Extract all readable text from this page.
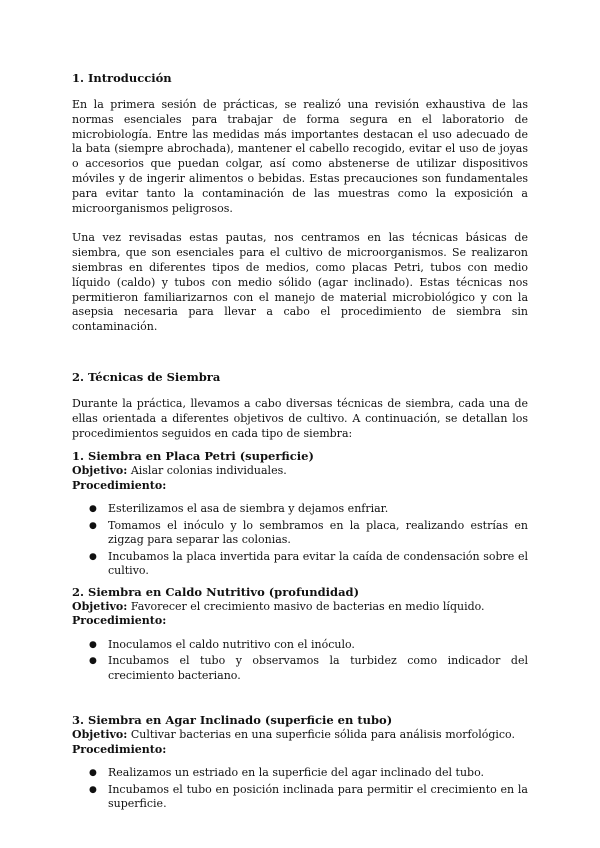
1. Introducción

En la primera sesión de prácticas, se realizó una revisión exhaustiva de las normas esenciales para trabajar de forma segura en el laboratorio de microbiología. Entre las medidas más importantes destacan el uso adecuado de la bata (siempre abrochada), mantener el cabello recogido, evitar el uso de joyas o accesorios que puedan colgar, así como abstenerse de utilizar dispositivos móviles y de ingerir alimentos o bebidas. Estas precauciones son fundamentales para evitar tanto la contaminación de las muestras como la exposición a microorganismos peligrosos.

Una vez revisadas estas pautas, nos centramos en las técnicas básicas de siembra, que son esenciales para el cultivo de microorganismos. Se realizaron siembras en diferentes tipos de medios, como placas Petri, tubos con medio líquido (caldo) y tubos con medio sólido (agar inclinado). Estas técnicas nos permitieron familiarizarnos con el manejo de material microbiológico y con la asepsia necesaria para llevar a cabo el procedimiento de siembra sin contaminación.

2. Técnicas de Siembra

Durante la práctica, llevamos a cabo diversas técnicas de siembra, cada una de ellas orientada a diferentes objetivos de cultivo. A continuación, se detallan los procedimientos seguidos en cada tipo de siembra:

1. Siembra en Placa Petri (superficie)

Objetivo: Aislar colonias individuales.

Procedimiento:

● Esterilizamos el asa de siembra y dejamos enfriar.
● Tomamos el inóculo y lo sembramos en la placa, realizando estrías en zigzag para separar las colonias.
● Incubamos la placa invertida para evitar la caída de condensación sobre el cultivo.
2. Siembra en Caldo Nutritivo (profundidad)

Objetivo: Favorecer el crecimiento masivo de bacterias en medio líquido.

Procedimiento:

● Inoculamos el caldo nutritivo con el inóculo.
● Incubamos el tubo y observamos la turbidez como indicador del crecimiento bacteriano.
3. Siembra en Agar Inclinado (superficie en tubo)

Objetivo: Cultivar bacterias en una superficie sólida para análisis morfológico.

Procedimiento:

● Realizamos un estriado en la superficie del agar inclinado del tubo.
● Incubamos el tubo en posición inclinada para permitir el crecimiento en la superficie.
